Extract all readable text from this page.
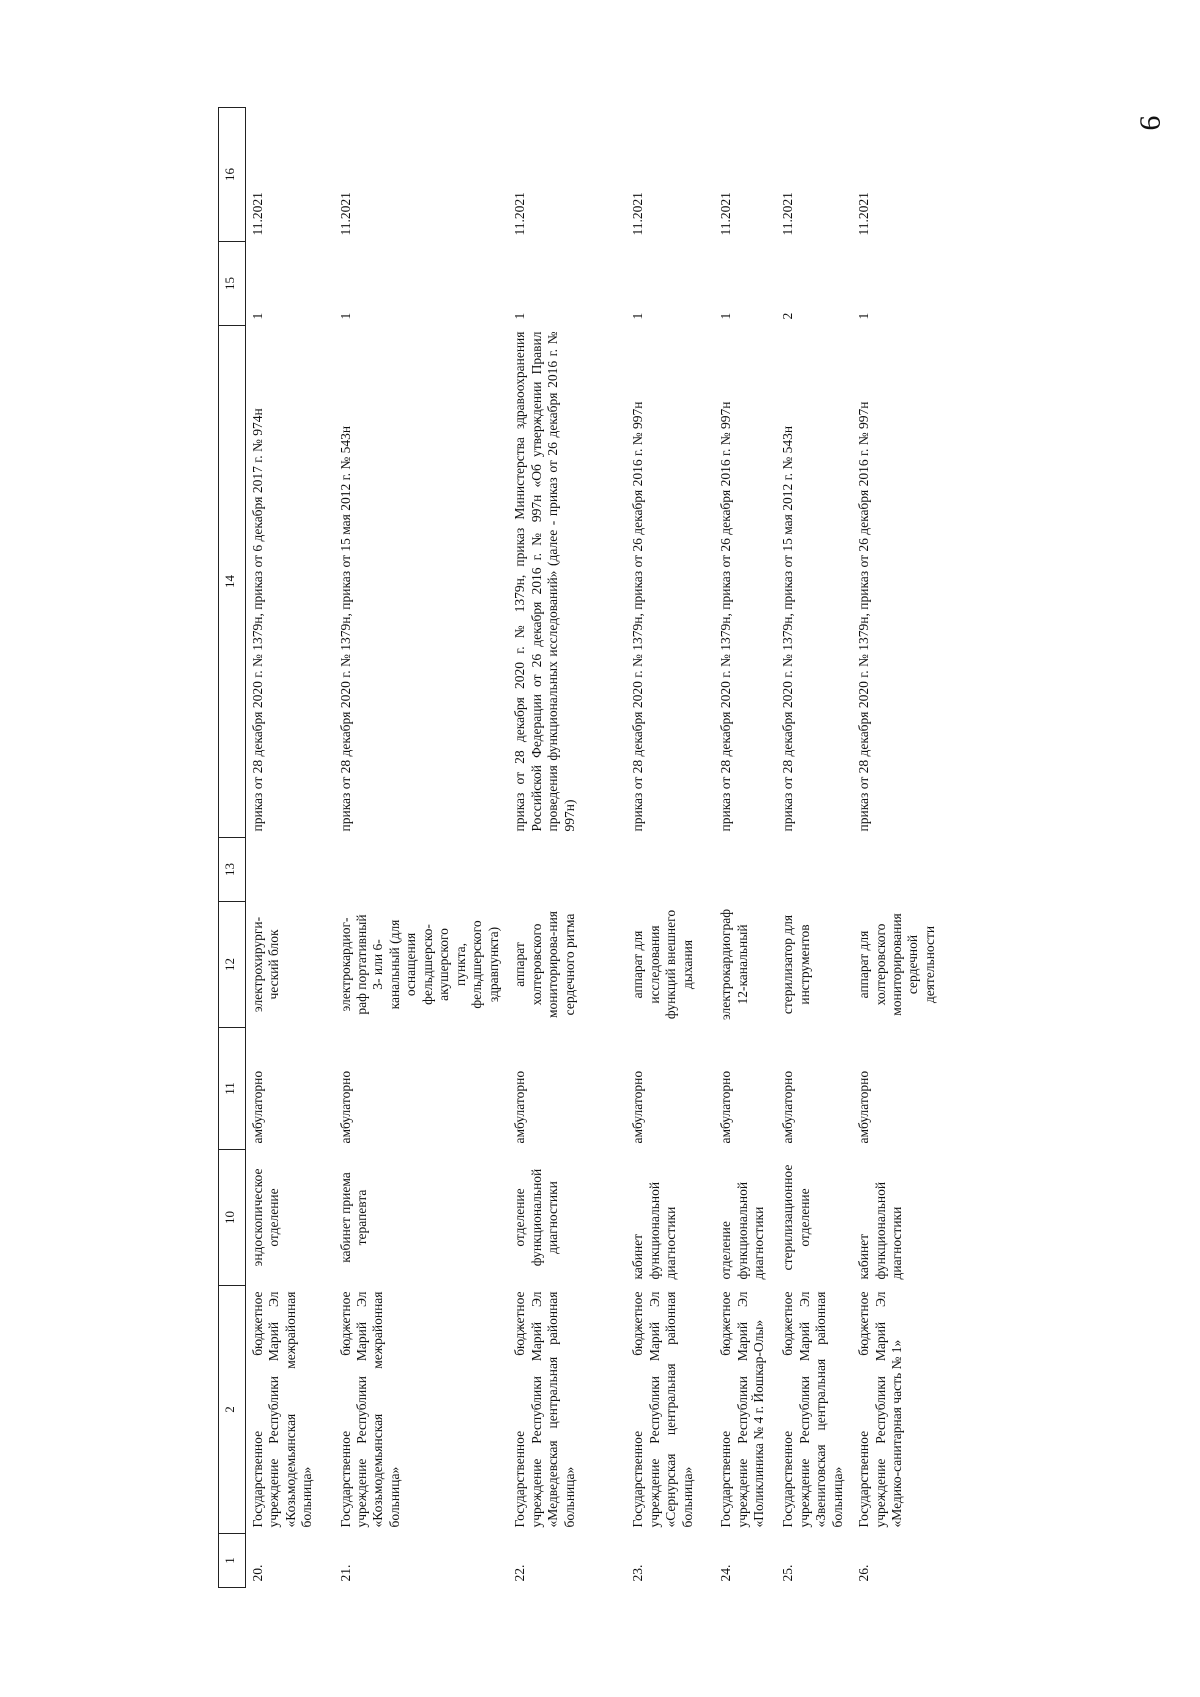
9
1	2	10	11	12	13	14	15	16
20.	Государственное бюджетное учреждение Республики Марий Эл «Козьмодемьянская межрайонная больница»	эндоскопическое отделение	амбулаторно	электрохирурги-ческий блок		приказ от 28 декабря 2020 г. № 1379н, приказ от 6 декабря 2017 г. № 974н	1	11.2021
21.	Государственное бюджетное учреждение Республики Марий Эл «Козьмодемьянская межрайонная больница»	кабинет приема терапевта	амбулаторно	электрокардиог-раф портативный 3- или 6- канальный (для оснащения фельдшерско-акушерского пункта, фельдшерского здравпункта)		приказ от 28 декабря 2020 г. № 1379н, приказ от 15 мая 2012 г. № 543н	1	11.2021
22.	Государственное бюджетное учреждение Республики Марий Эл «Медведевская центральная районная больница»	отделение функциональной диагностики	амбулаторно	аппарат холтеровского мониторирова-ния сердечного ритма		приказ от 28 декабря 2020 г. № 1379н, приказ Министерства здравоохранения Российской Федерации от 26 декабря 2016 г. № 997н «Об утверждении Правил проведения функциональных исследований» (далее - приказ от 26 декабря 2016 г. № 997н)	1	11.2021
23.	Государственное бюджетное учреждение Республики Марий Эл «Сернурская центральная районная больница»	кабинет функциональной диагностики	амбулаторно	аппарат для исследования функций внешнего дыхания		приказ от 28 декабря 2020 г. № 1379н, приказ от 26 декабря 2016 г. № 997н	1	11.2021
24.	Государственное бюджетное учреждение Республики Марий Эл «Поликлиника № 4 г. Йошкар-Олы»	отделение функциональной диагностики	амбулаторно	электрокардиограф 12-канальный		приказ от 28 декабря 2020 г. № 1379н, приказ от 26 декабря 2016 г. № 997н	1	11.2021
25.	Государственное бюджетное учреждение Республики Марий Эл «Звениговская центральная районная больница»	стерилизационное отделение	амбулаторно	стерилизатор для инструментов		приказ от 28 декабря 2020 г. № 1379н, приказ от 15 мая 2012 г. № 543н	2	11.2021
26.	Государственное бюджетное учреждение Республики Марий Эл «Медико-санитарная часть № 1»	кабинет функциональной диагностики	амбулаторно	аппарат для холтеровского мониторирования сердечной деятельности		приказ от 28 декабря 2020 г. № 1379н, приказ от 26 декабря 2016 г. № 997н	1	11.2021
